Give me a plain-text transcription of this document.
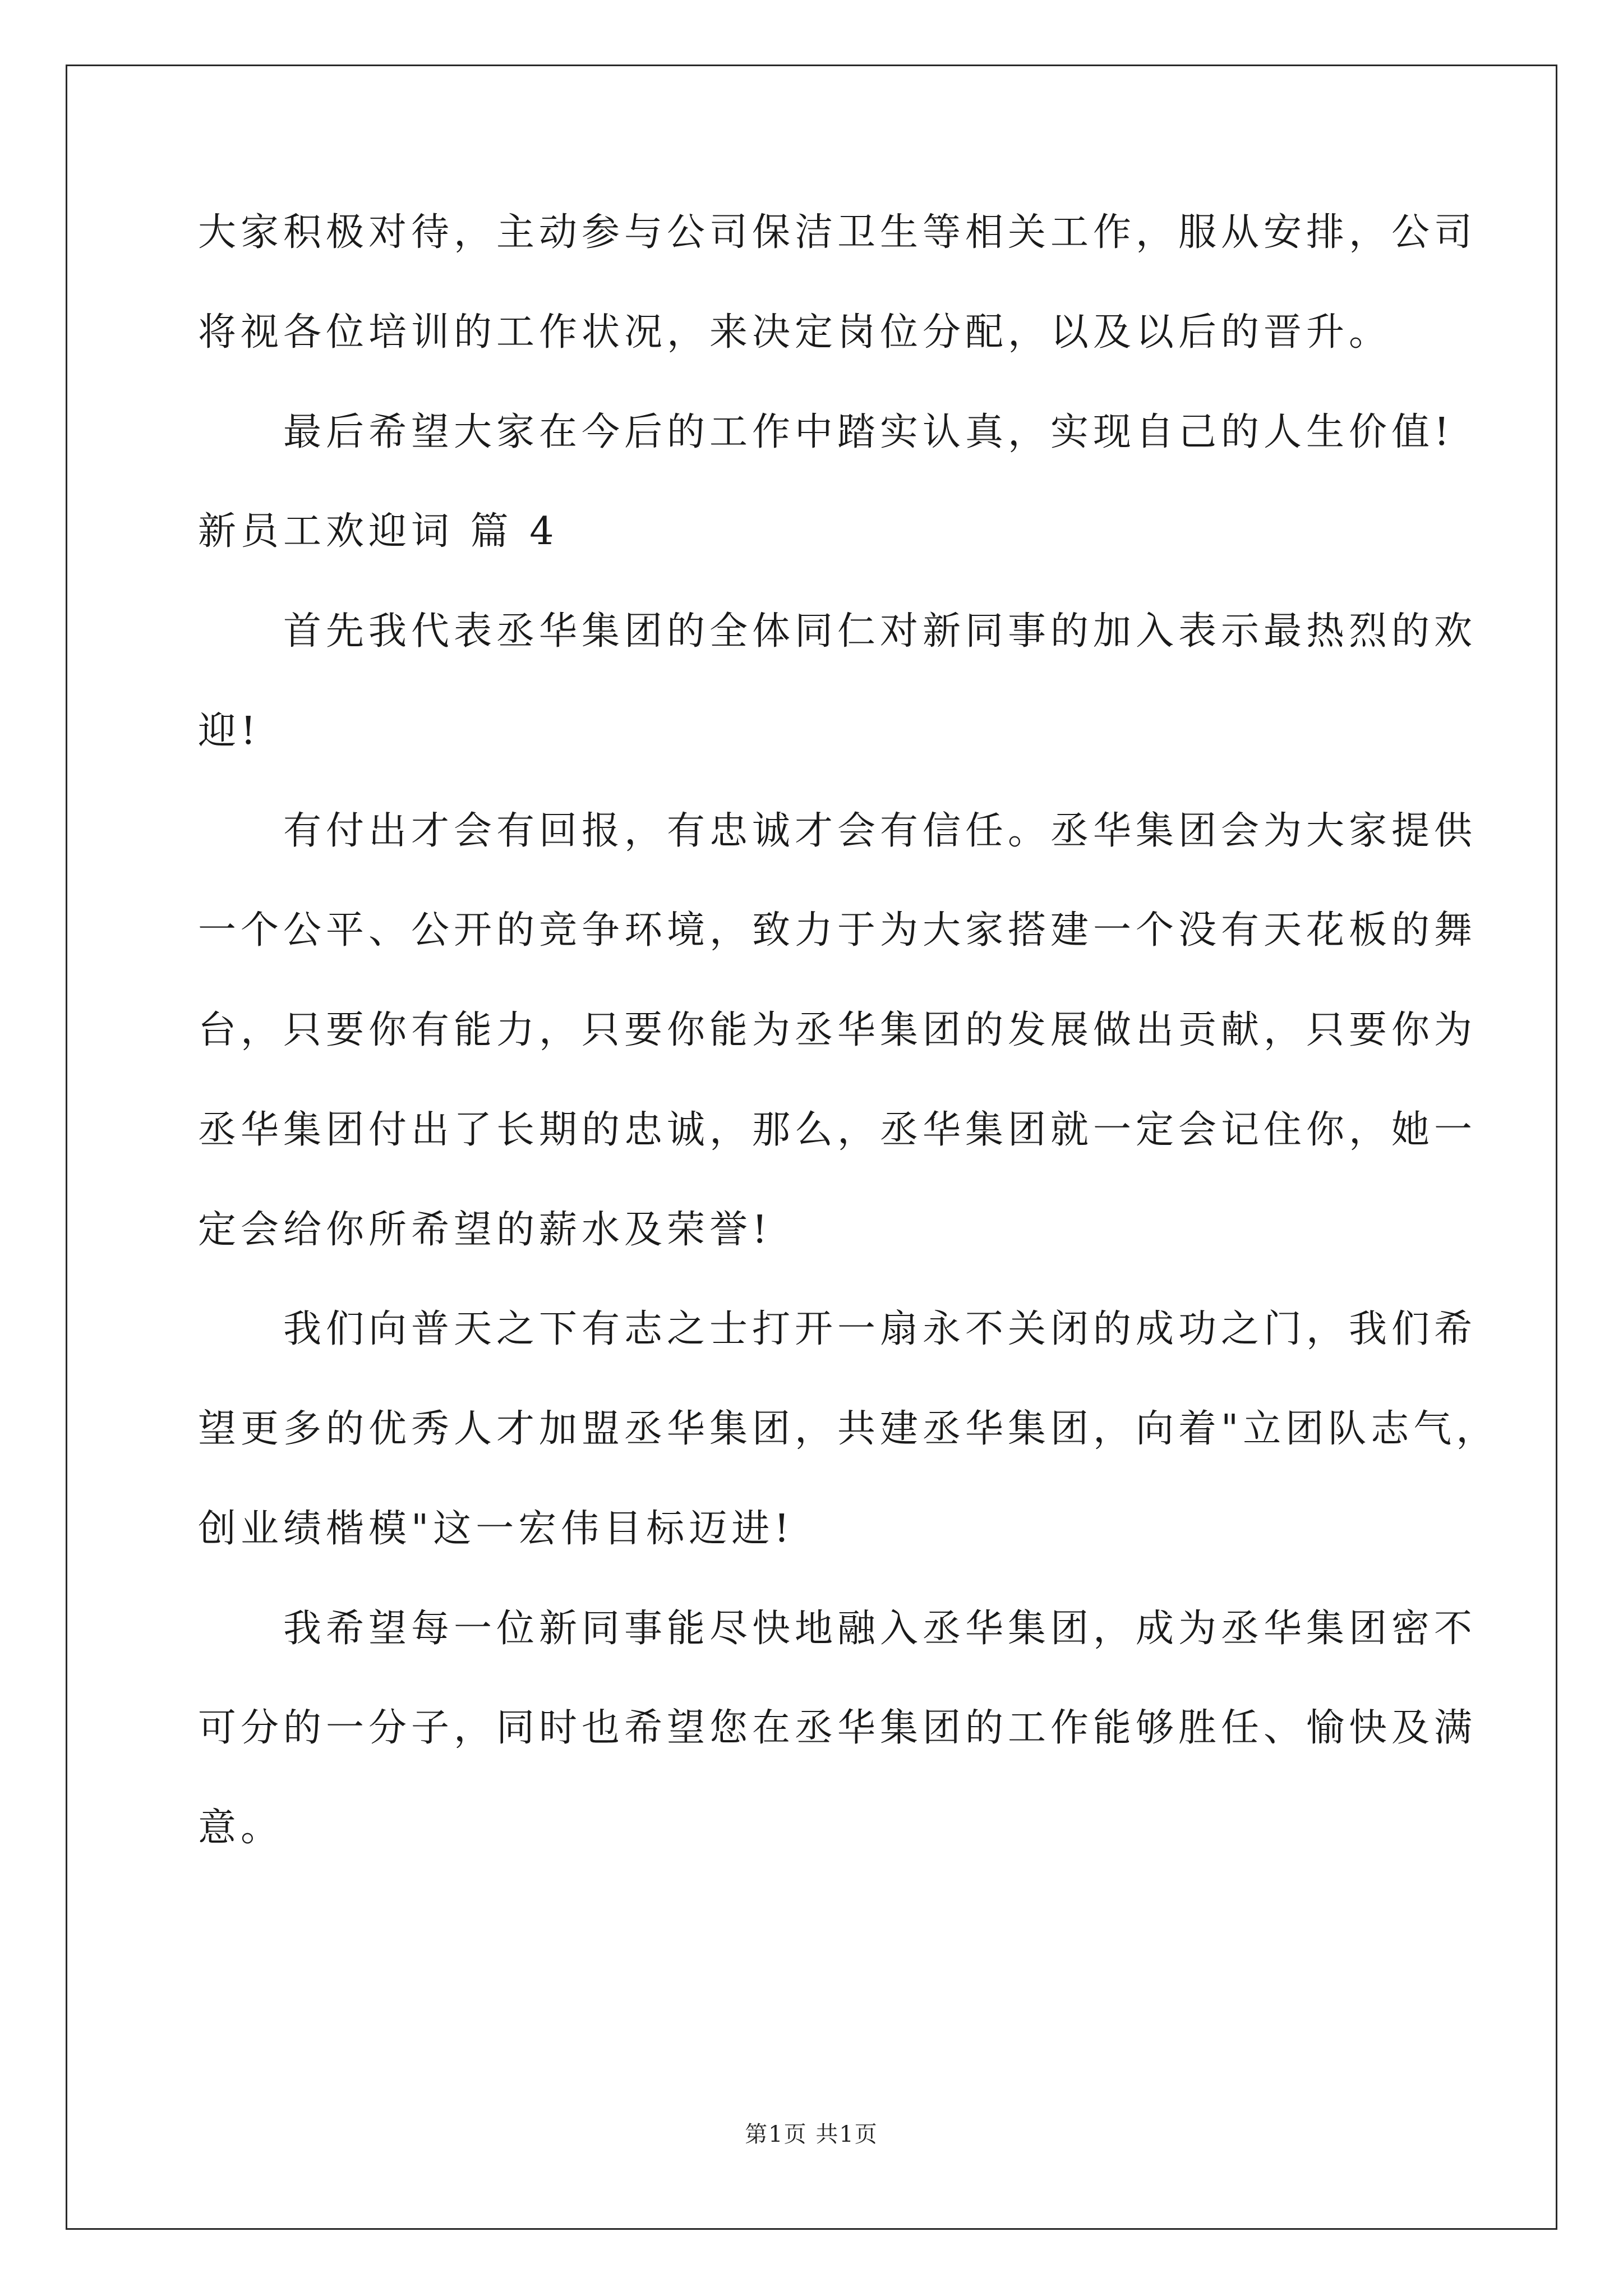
大家积极对待，主动参与公司保洁卫生等相关工作，服从安排，公司
将视各位培训的工作状况，来决定岗位分配，以及以后的晋升。
最后希望大家在今后的工作中踏实认真，实现自己的人生价值!
新员工欢迎词 篇 4
首先我代表丞华集团的全体同仁对新同事的加入表示最热烈的欢
迎!
有付出才会有回报，有忠诚才会有信任。丞华集团会为大家提供
一个公平、公开的竞争环境，致力于为大家搭建一个没有天花板的舞
台，只要你有能力，只要你能为丞华集团的发展做出贡献，只要你为
丞华集团付出了长期的忠诚，那么，丞华集团就一定会记住你，她一
定会给你所希望的薪水及荣誉!
我们向普天之下有志之士打开一扇永不关闭的成功之门，我们希
望更多的优秀人才加盟丞华集团，共建丞华集团，向着"立团队志气，
创业绩楷模"这一宏伟目标迈进!
我希望每一位新同事能尽快地融入丞华集团，成为丞华集团密不
可分的一分子，同时也希望您在丞华集团的工作能够胜任、愉快及满
意。
第1页 共1页
